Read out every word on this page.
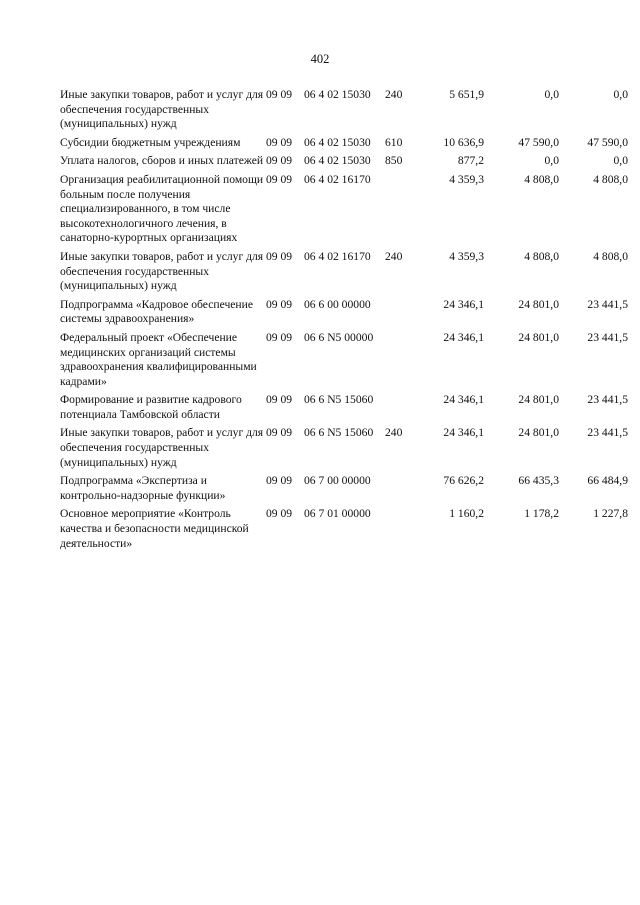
402
Иные закупки товаров, работ и услуг для обеспечения государственных (муниципальных) нужд	09 09	06 4 02 15030	240	5 651,9	0,0	0,0
Субсидии бюджетным учреждениям	09 09	06 4 02 15030	610	10 636,9	47 590,0	47 590,0
Уплата налогов, сборов и иных платежей	09 09	06 4 02 15030	850	877,2	0,0	0,0
Организация реабилитационной помощи больным после получения специализированного, в том числе высокотехнологичного лечения, в санаторно-курортных организациях	09 09	06 4 02 16170		4 359,3	4 808,0	4 808,0
Иные закупки товаров, работ и услуг для обеспечения государственных (муниципальных) нужд	09 09	06 4 02 16170	240	4 359,3	4 808,0	4 808,0
Подпрограмма «Кадровое обеспечение системы здравоохранения»	09 09	06 6 00 00000		24 346,1	24 801,0	23 441,5
Федеральный проект «Обеспечение медицинских организаций системы здравоохранения квалифицированными кадрами»	09 09	06 6 N5 00000		24 346,1	24 801,0	23 441,5
Формирование и развитие кадрового потенциала Тамбовской области	09 09	06 6 N5 15060		24 346,1	24 801,0	23 441,5
Иные закупки товаров, работ и услуг для обеспечения государственных (муниципальных) нужд	09 09	06 6 N5 15060	240	24 346,1	24 801,0	23 441,5
Подпрограмма «Экспертиза и контрольно-надзорные функции»	09 09	06 7 00 00000		76 626,2	66 435,3	66 484,9
Основное мероприятие «Контроль качества и безопасности медицинской деятельности»	09 09	06 7 01 00000		1 160,2	1 178,2	1 227,8
